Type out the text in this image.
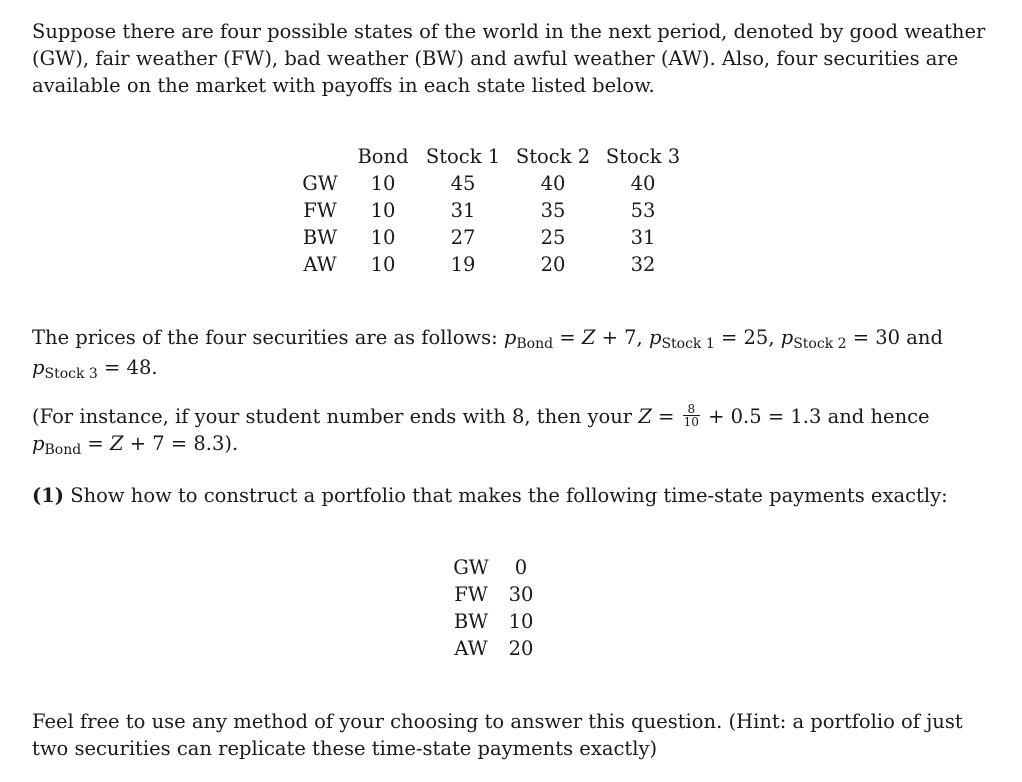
Suppose there are four possible states of the world in the next period, denoted by good weather (GW), fair weather (FW), bad weather (BW) and awful weather (AW). Also, four securities are available on the market with payoffs in each state listed below.

	Bond	Stock 1	Stock 2	Stock 3
GW	10	45	40	40
FW	10	31	35	53
BW	10	27	25	31
AW	10	19	20	32

The prices of the four securities are as follows: $p_{Bond} = Z + 7$, $p_{Stock 1} = 25$, $p_{Stock 2} = 30$ and
$p_{Stock 3} = 48$.

(For instance, if your student number ends with 8, then your $Z = \frac{8}{10} + 0.5 = 1.3$ and hence
$p_{Bond} = Z + 7 = 8.3$).

(1) Show how to construct a portfolio that makes the following time-state payments exactly:

GW	0
FW	30
BW	10
AW	20

Feel free to use any method of your choosing to answer this question. (Hint: a portfolio of just two securities can replicate these time-state payments exactly)
